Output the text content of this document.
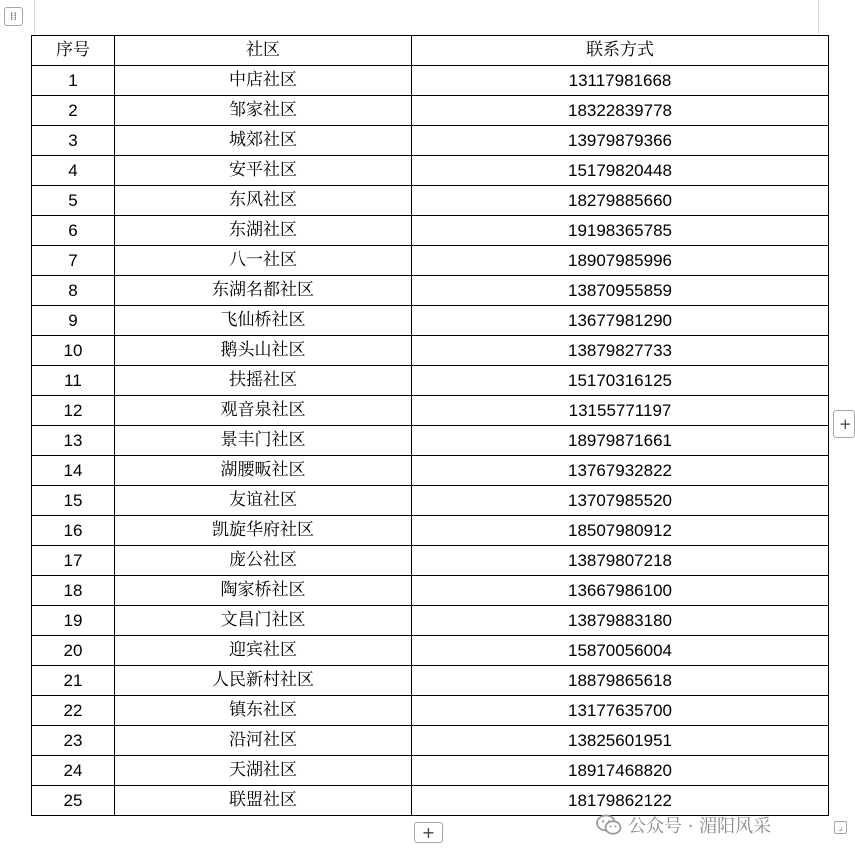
⁞⁞
序号	社区	联系方式
1	中店社区	13117981668
2	邹家社区	18322839778
3	城郊社区	13979879366
4	安平社区	15179820448
5	东风社区	18279885660
6	东湖社区	19198365785
7	八一社区	18907985996
8	东湖名都社区	13870955859
9	飞仙桥社区	13677981290
10	鹅头山社区	13879827733
11	扶摇社区	15170316125
12	观音泉社区	13155771197
13	景丰门社区	18979871661
14	湖腰畈社区	13767932822
15	友谊社区	13707985520
16	凯旋华府社区	18507980912
17	庞公社区	13879807218
18	陶家桥社区	13667986100
19	文昌门社区	13879883180
20	迎宾社区	15870056004
21	人民新村社区	18879865618
22	镇东社区	13177635700
23	沿河社区	13825601951
24	天湖社区	18917468820
25	联盟社区	18179862122
+
+
⌟
公众号 · 湄阳风采
